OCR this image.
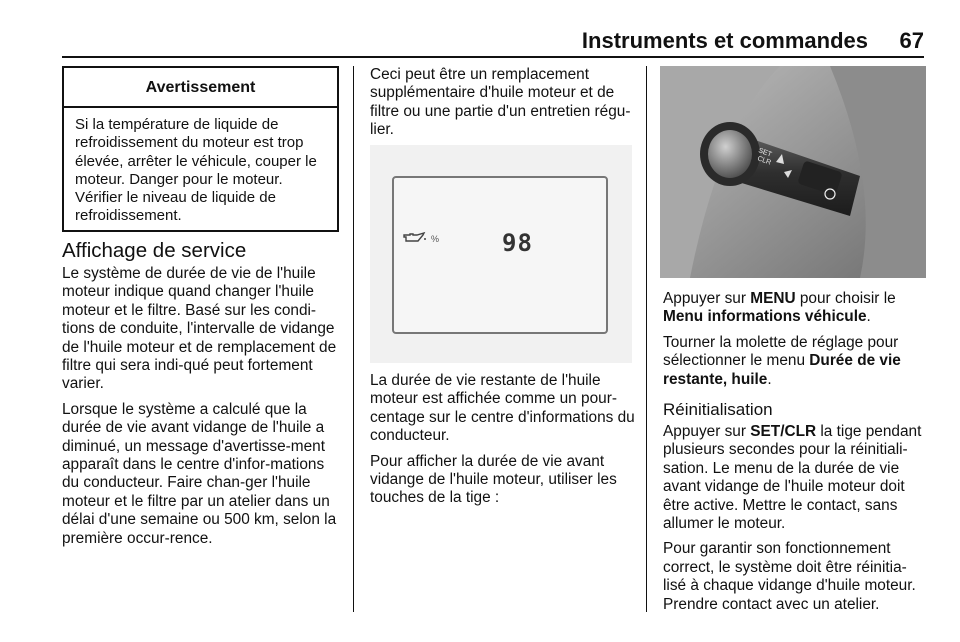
Instruments et commandes 67
Avertissement
Si la température de liquide de refroidissement du moteur est trop élevée, arrêter le véhicule, couper le moteur. Danger pour le moteur. Vérifier le niveau de liquide de refroidissement.
Affichage de service

Le système de durée de vie de l'huile moteur indique quand changer l'huile moteur et le filtre. Basé sur les condi-tions de conduite, l'intervalle de vidange de l'huile moteur et de remplacement de filtre qui sera indi-qué peut fortement varier.

Lorsque le système a calculé que la durée de vie avant vidange de l'huile a diminué, un message d'avertisse-ment apparaît dans le centre d'infor-mations du conducteur. Faire chan-ger l'huile moteur et le filtre par un atelier dans un délai d'une semaine ou 500 km, selon la première occur-rence.

Ceci peut être un remplacement supplémentaire d'huile moteur et de filtre ou une partie d'un entretien régu-lier.

%	98

La durée de vie restante de l'huile moteur est affichée comme un pour-centage sur le centre d'informations du conducteur.

Pour afficher la durée de vie avant vidange de l'huile moteur, utiliser les touches de la tige :

SET
CLR

Appuyer sur MENU pour choisir le Menu informations véhicule.

Tourner la molette de réglage pour sélectionner le menu Durée de vie restante, huile.

Réinitialisation

Appuyer sur SET/CLR la tige pendant plusieurs secondes pour la réinitiali-sation. Le menu de la durée de vie avant vidange de l'huile moteur doit être active. Mettre le contact, sans allumer le moteur.

Pour garantir son fonctionnement correct, le système doit être réinitia-lisé à chaque vidange d'huile moteur. Prendre contact avec un atelier.
